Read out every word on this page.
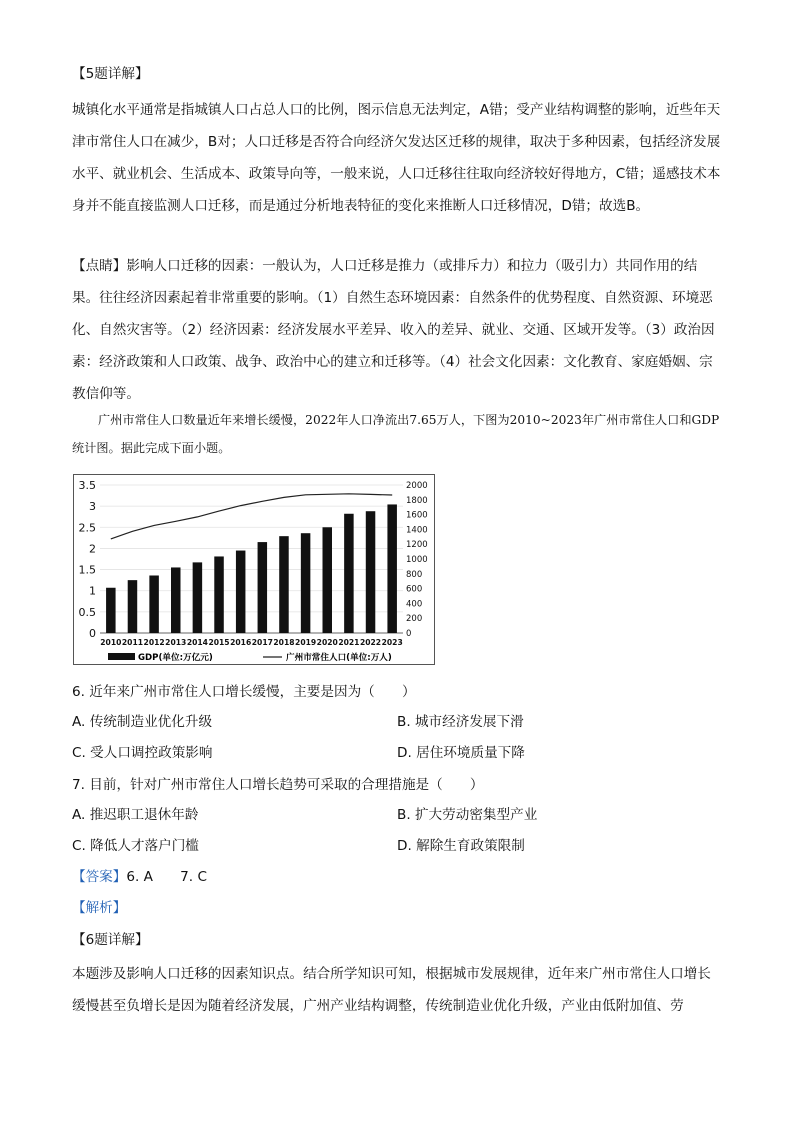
【5题详解】

城镇化水平通常是指城镇人口占总人口的比例，图示信息无法判定，A错；受产业结构调整的影响，近些年天津市常住人口在减少，B对；人口迁移是否符合向经济欠发达区迁移的规律，取决于多种因素，包括经济发展水平、就业机会、生活成本、政策导向等，一般来说，人口迁移往往取向经济较好得地方，C错；遥感技术本身并不能直接监测人口迁移，而是通过分析地表特征的变化来推断人口迁移情况，D错；故选B。

【点睛】影响人口迁移的因素：一般认为，人口迁移是推力（或排斥力）和拉力（吸引力）共同作用的结果。往往经济因素起着非常重要的影响。（1）自然生态环境因素：自然条件的优势程度、自然资源、环境恶化、自然灾害等。（2）经济因素：经济发展水平差异、收入的差异、就业、交通、区域开发等。（3）政治因素：经济政策和人口政策、战争、政治中心的建立和迁移等。（4）社会文化因素：文化教育、家庭婚姻、宗教信仰等。

广州市常住人口数量近年来增长缓慢，2022年人口净流出7.65万人，下图为2010~2023年广州市常住人口和GDP统计图。据此完成下面小题。
0
0.5
1
1.5
2
2.5
3
3.5
0
200
400
600
800
1000
1200
1400
1600
1800
2000
2010 2011 2012 2013 2014 2015 2016 2017 2018 2019 2020 2021 2022 2023
GDP(单位:万亿元)	广州市常住人口(单位:万人)
6. 近年来广州市常住人口增长缓慢，主要是因为（　　）
A. 传统制造业优化升级	B. 城市经济发展下滑
C. 受人口调控政策影响	D. 居住环境质量下降
7. 目前，针对广州市常住人口增长趋势可采取的合理措施是（　　）
A. 推迟职工退休年龄	B. 扩大劳动密集型产业
C. 降低人才落户门槛	D. 解除生育政策限制
【答案】6. A　　7. C
【解析】
【6题详解】

本题涉及影响人口迁移的因素知识点。结合所学知识可知，根据城市发展规律，近年来广州市常住人口增长缓慢甚至负增长是因为随着经济发展，广州产业结构调整，传统制造业优化升级，产业由低附加值、劳
